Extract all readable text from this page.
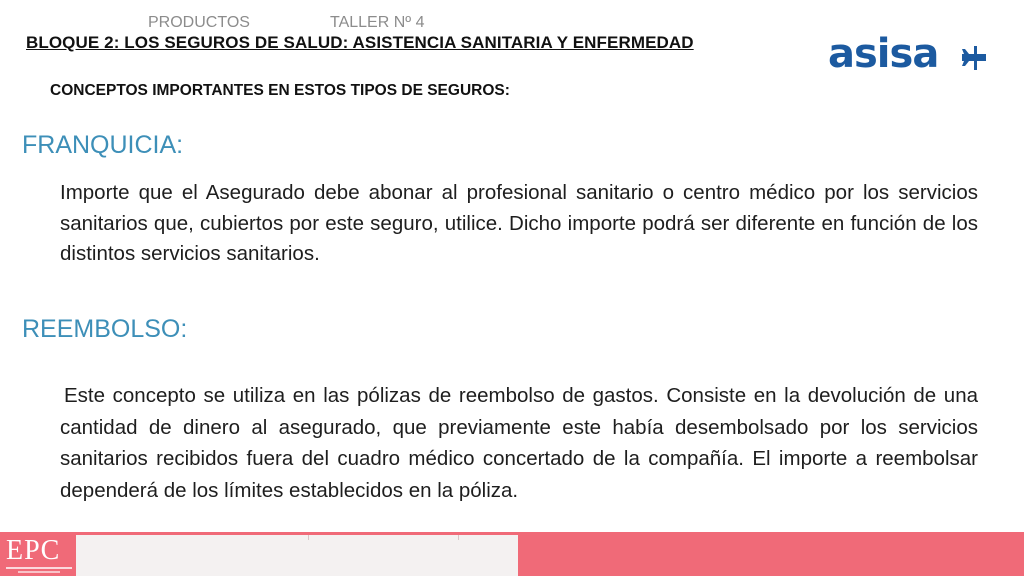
BLOQUE 2: LOS SEGUROS DE SALUD: ASISTENCIA SANITARIA Y ENFERMEDAD
CONCEPTOS IMPORTANTES EN ESTOS TIPOS DE SEGUROS:
asisa
FRANQUICIA:
Importe que el Asegurado debe abonar al profesional sanitario o centro médico por los servicios sanitarios que, cubiertos por este seguro, utilice. Dicho importe podrá ser diferente en función de los distintos servicios sanitarios.
REEMBOLSO:
Este concepto se utiliza en las pólizas de reembolso de gastos. Consiste en la devolución de una cantidad de dinero al asegurado, que previamente este había desembolsado por los servicios sanitarios recibidos fuera del cuadro médico concertado de la compañía. El importe a reembolsar dependerá de los límites establecidos en la póliza.
EPC
PRODUCTOS	TALLER Nº 4	Los seguros de salud
